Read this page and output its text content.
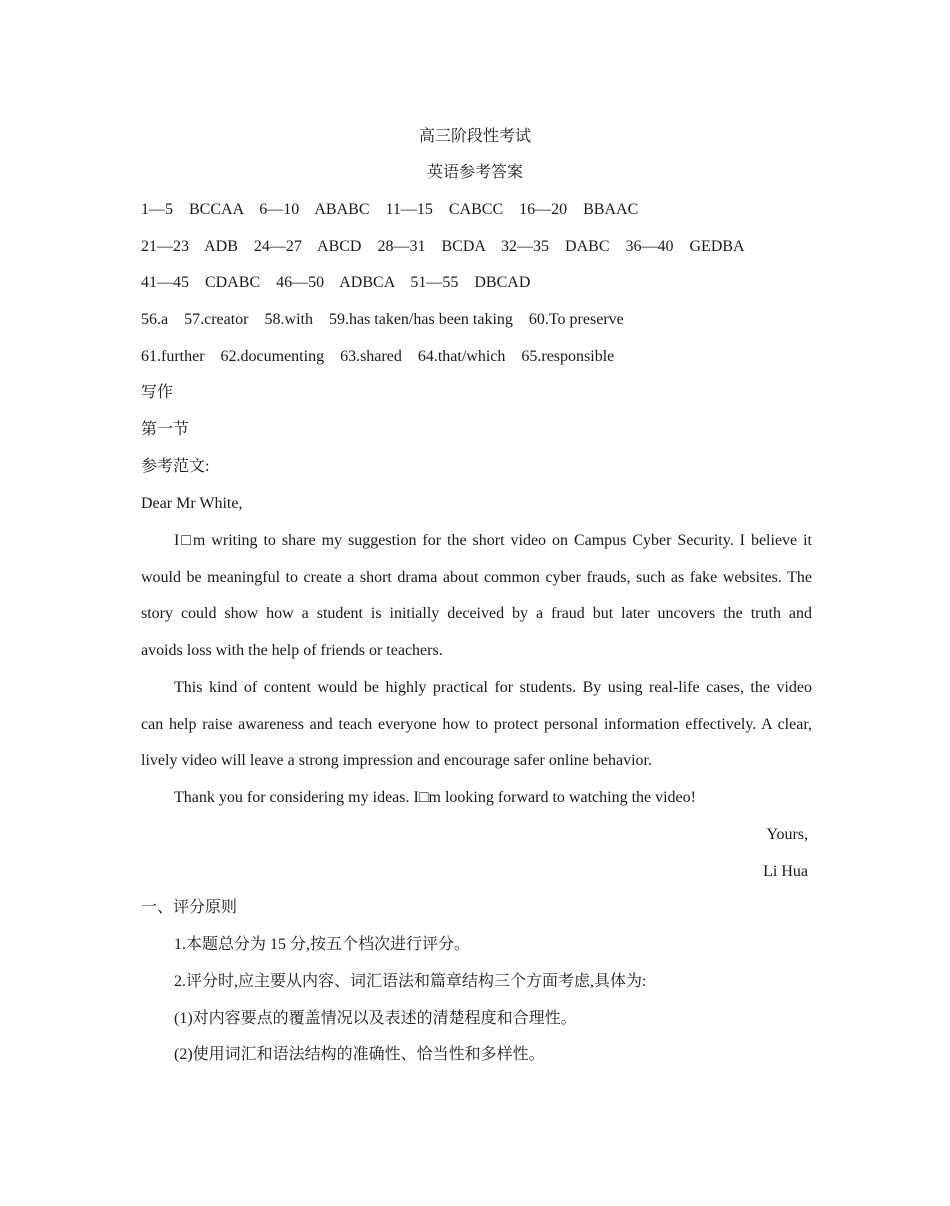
高三阶段性考试
英语参考答案
1—5    BCCAA    6—10    ABABC    11—15    CABCC    16—20    BBAAC
21—23    ADB    24—27    ABCD    28—31    BCDA    32—35    DABC    36—40    GEDBA
41—45    CDABC    46—50    ADBCA    51—55    DBCAD
56.a    57.creator    58.with    59.has taken/has been taking    60.To preserve
61.further    62.documenting    63.shared    64.that/which    65.responsible
写作
第一节
参考范文:
Dear Mr White,
I□m writing to share my suggestion for the short video on Campus Cyber Security. I believe it
would be meaningful to create a short drama about common cyber frauds, such as fake websites. The
story could show how a student is initially deceived by a fraud but later uncovers the truth and
avoids loss with the help of friends or teachers.
This kind of content would be highly practical for students. By using real-life cases, the video
can help raise awareness and teach everyone how to protect personal information effectively. A clear,
lively video will leave a strong impression and encourage safer online behavior.
Thank you for considering my ideas. I□m looking forward to watching the video!
Yours,
Li Hua
一、评分原则
1.本题总分为 15 分,按五个档次进行评分。
2.评分时,应主要从内容、词汇语法和篇章结构三个方面考虑,具体为:
(1)对内容要点的覆盖情况以及表述的清楚程度和合理性。
(2)使用词汇和语法结构的准确性、恰当性和多样性。
